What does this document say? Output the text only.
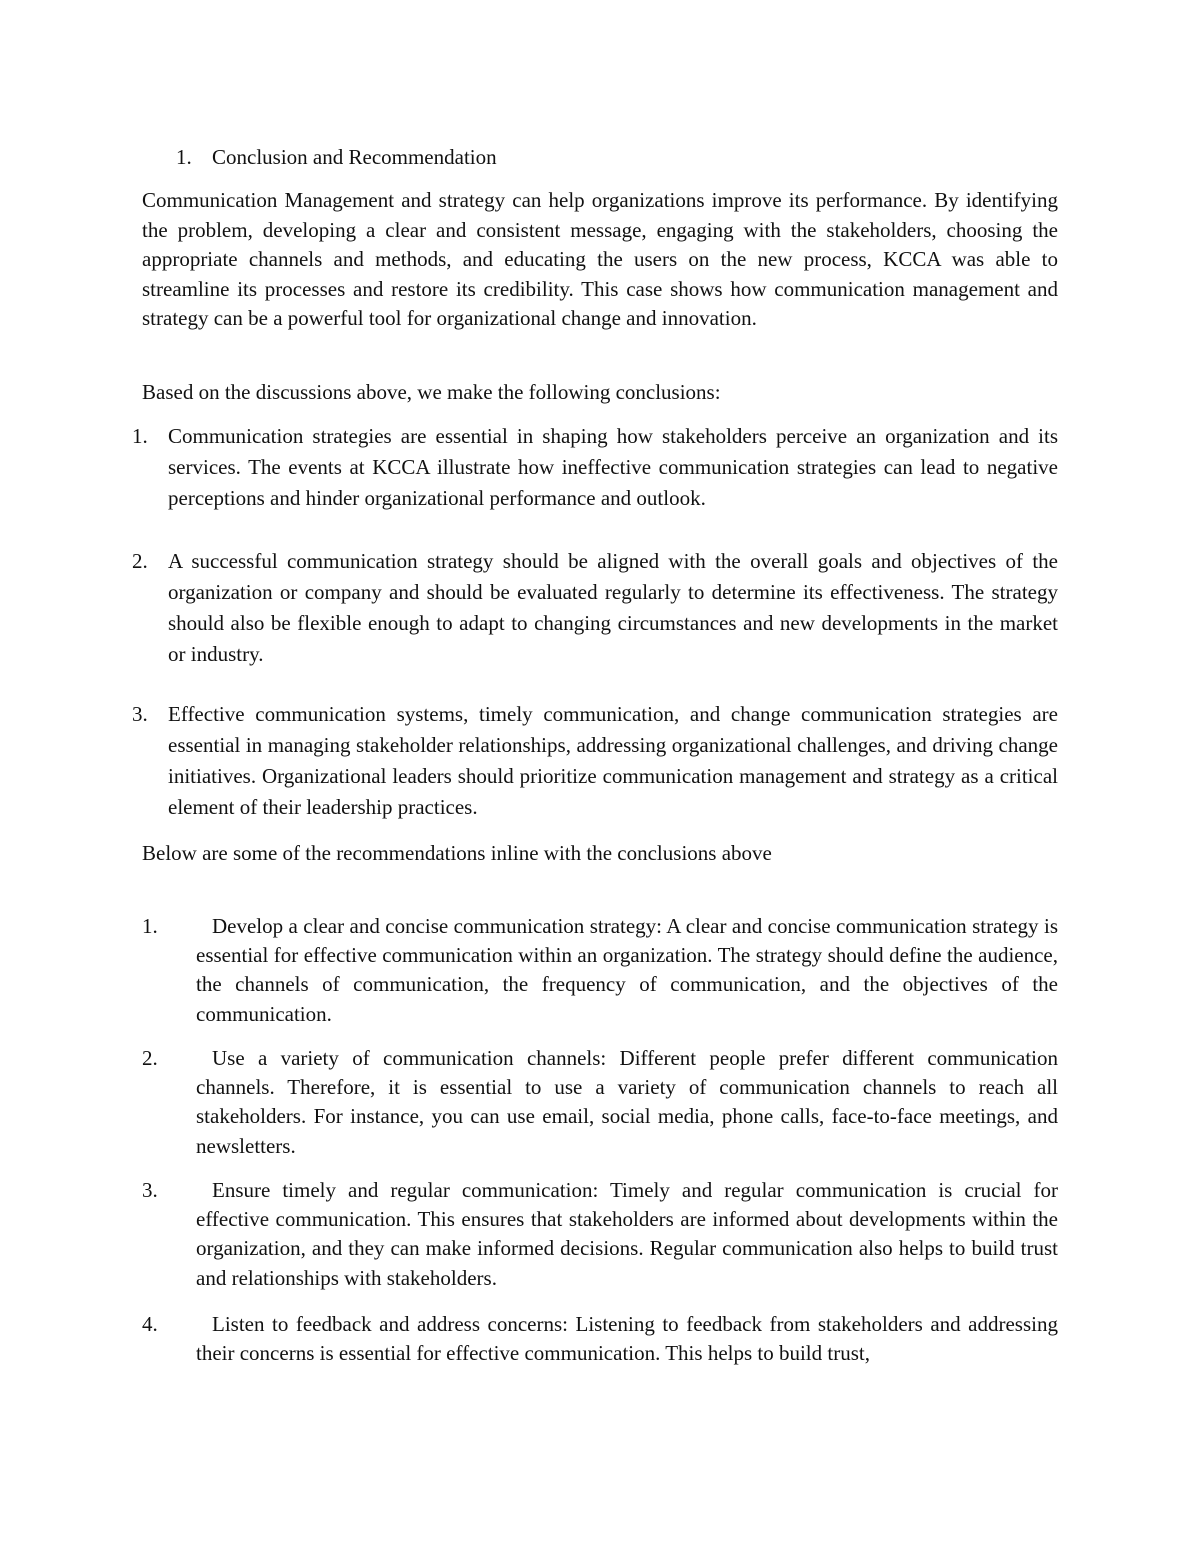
1. Conclusion and Recommendation

Communication Management and strategy can help organizations improve its performance. By identifying the problem, developing a clear and consistent message, engaging with the stakeholders, choosing the appropriate channels and methods, and educating the users on the new process, KCCA was able to streamline its processes and restore its credibility. This case shows how communication management and strategy can be a powerful tool for organizational change and innovation.

Based on the discussions above, we make the following conclusions:

1. Communication strategies are essential in shaping how stakeholders perceive an organization and its services. The events at KCCA illustrate how ineffective communication strategies can lead to negative perceptions and hinder organizational performance and outlook.
2. A successful communication strategy should be aligned with the overall goals and objectives of the organization or company and should be evaluated regularly to determine its effectiveness. The strategy should also be flexible enough to adapt to changing circumstances and new developments in the market or industry.
3. Effective communication systems, timely communication, and change communication strategies are essential in managing stakeholder relationships, addressing organizational challenges, and driving change initiatives. Organizational leaders should prioritize communication management and strategy as a critical element of their leadership practices.

Below are some of the recommendations inline with the conclusions above

1.	Develop a clear and concise communication strategy: A clear and concise communication strategy is essential for effective communication within an organization. The strategy should define the audience, the channels of communication, the frequency of communication, and the objectives of the communication.
2.	Use a variety of communication channels: Different people prefer different communication channels. Therefore, it is essential to use a variety of communication channels to reach all stakeholders. For instance, you can use email, social media, phone calls, face-to-face meetings, and newsletters.
3.	Ensure timely and regular communication: Timely and regular communication is crucial for effective communication. This ensures that stakeholders are informed about developments within the organization, and they can make informed decisions. Regular communication also helps to build trust and relationships with stakeholders.
4.	Listen to feedback and address concerns: Listening to feedback from stakeholders and addressing their concerns is essential for effective communication. This helps to build trust,
